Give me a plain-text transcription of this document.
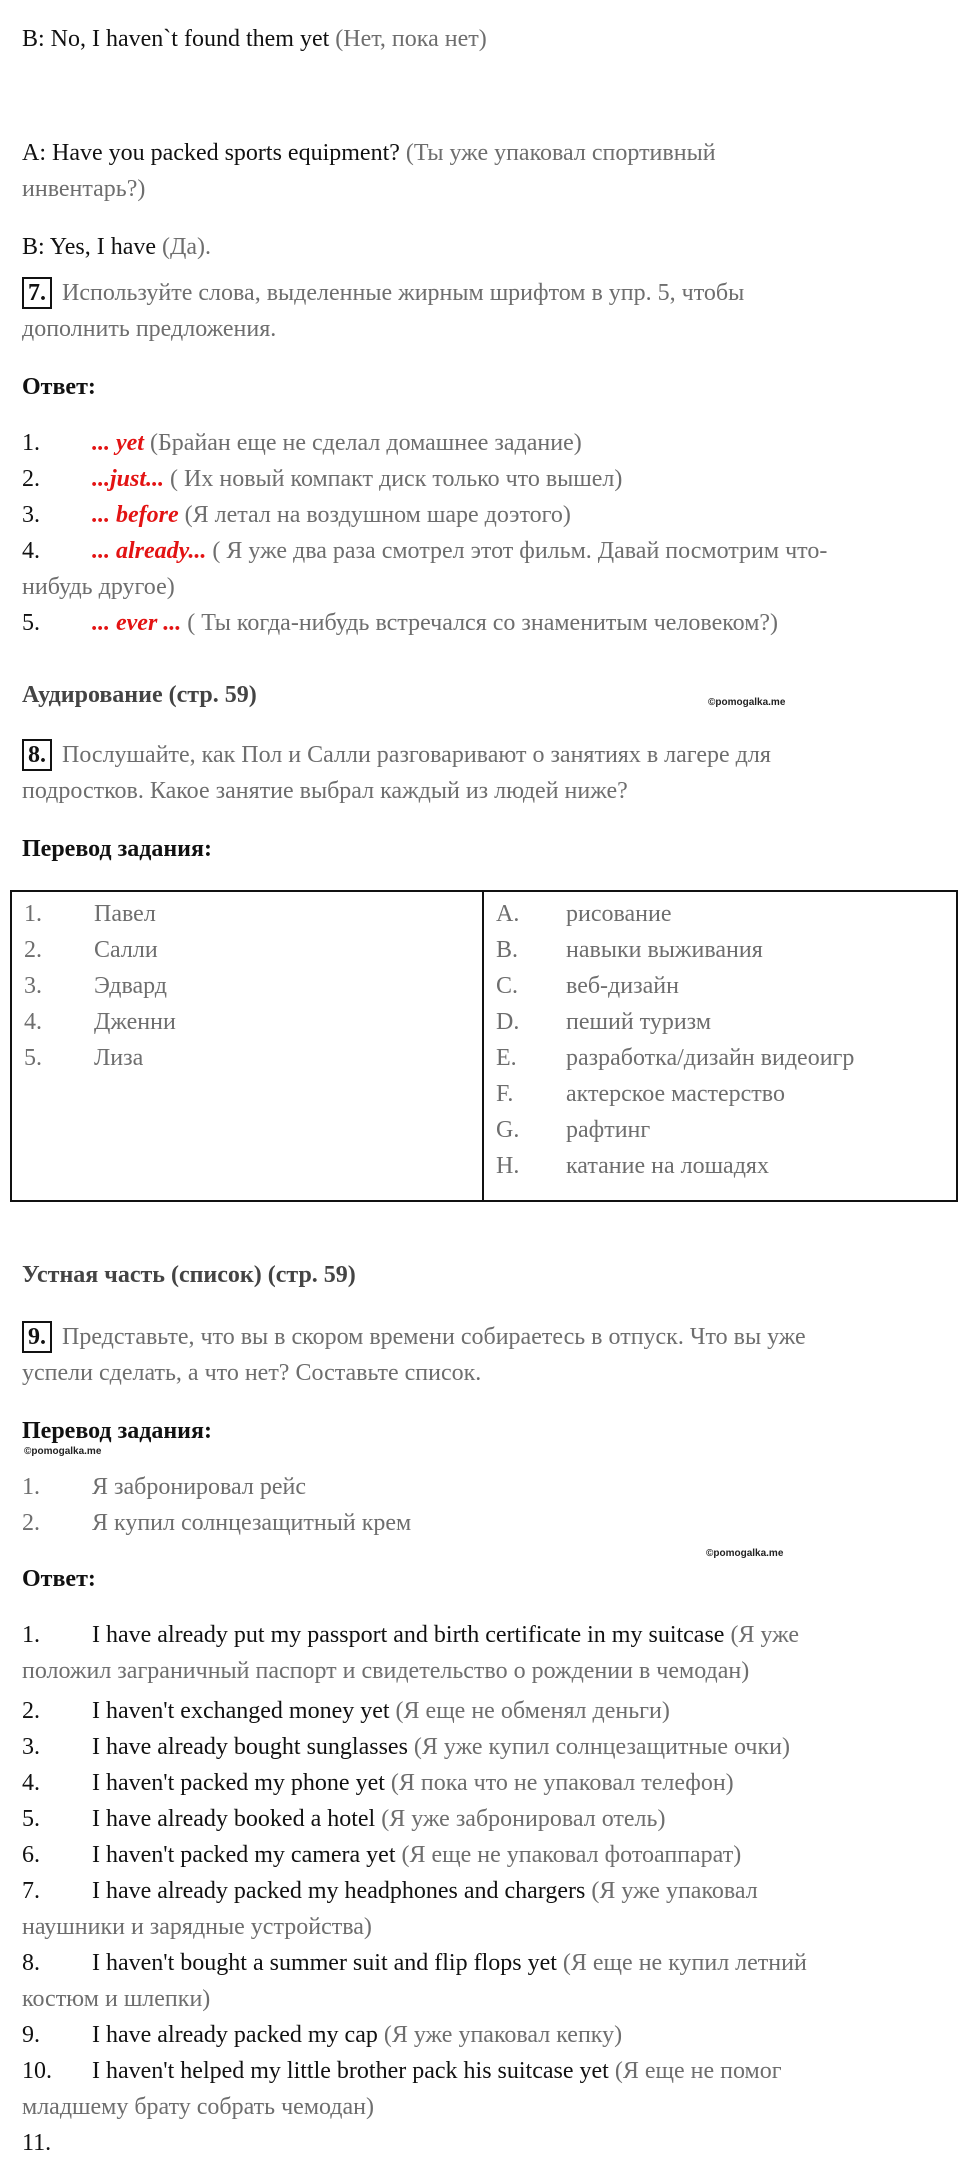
B: No, I haven`t found them yet (Нет, пока нет)
A: Have you packed sports equipment? (Ты уже упаковал спортивный
инвентарь?)
B: Yes, I have (Да).
7. Используйте слова, выделенные жирным шрифтом в упр. 5, чтобы
дополнить предложения.
Ответ:
1. ... yet (Брайан еще не сделал домашнее задание)
2. ...just... ( Их новый компакт диск только что вышел)
3. ... before (Я летал на воздушном шаре доэтого)
4. ... already... ( Я уже два раза смотрел этот фильм. Давай посмотрим что-
нибудь другое)
5. ... ever ... ( Ты когда-нибудь встречался со знаменитым человеком?)
Аудирование (стр. 59)	©pomogalka.me
8. Послушайте, как Пол и Салли разговаривают о занятиях в лагере для
подростков. Какое занятие выбрал каждый из людей ниже?
Перевод задания:
1. Павел
2. Салли
3. Эдвард
4. Дженни
5. Лиза

A. рисование
B. навыки выживания
C. веб-дизайн
D. пеший туризм
E. разработка/дизайн видеоигр
F. актерское мастерство
G. рафтинг
H. катание на лошадях
Устная часть (список) (стр. 59)
9. Представьте, что вы в скором времени собираетесь в отпуск. Что вы уже
успели сделать, а что нет? Составьте список.
Перевод задания:
©pomogalka.me
1. Я забронировал рейс
2. Я купил солнцезащитный крем
©pomogalka.me
Ответ:
1. I have already put my passport and birth certificate in my suitcase (Я уже
положил заграничный паспорт и свидетельство о рождении в чемодан)
2. I haven't exchanged money yet (Я еще не обменял деньги)
3. I have already bought sunglasses (Я уже купил солнцезащитные очки)
4. I haven't packed my phone yet (Я пока что не упаковал телефон)
5. I have already booked a hotel (Я уже забронировал отель)
6. I haven't packed my camera yet (Я еще не упаковал фотоаппарат)
7. I have already packed my headphones and chargers (Я уже упаковал
наушники и зарядные устройства)
8. I haven't bought a summer suit and flip flops yet (Я еще не купил летний
костюм и шлепки)
9. I have already packed my cap (Я уже упаковал кепку)
10. I haven't helped my little brother pack his suitcase yet (Я еще не помог
младшему брату собрать чемодан)
11.
